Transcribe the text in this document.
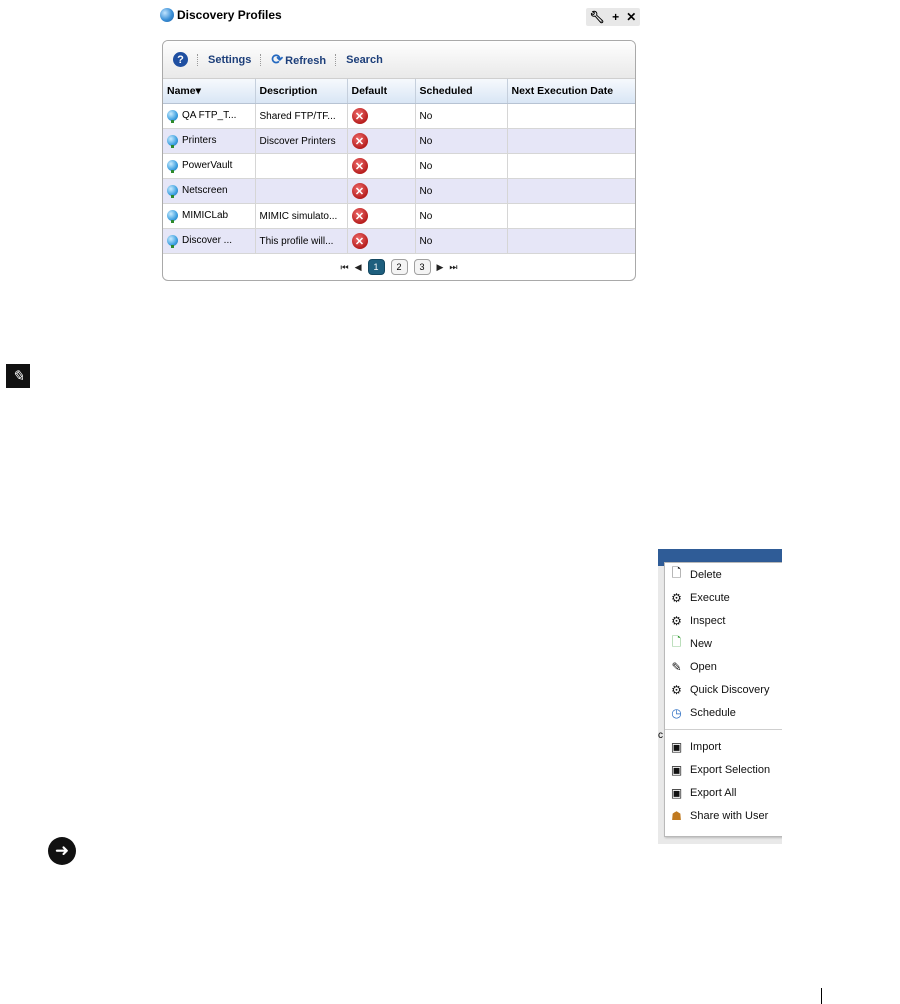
Discovery Profiles	🔧︎ + ✕
?	Settings ⟳ Refresh Search
Name▾	Description	Default	Scheduled	Next Execution Date
QA FTP_T...	Shared FTP/TF...	✕	No	
Printers	Discover Printers	✕	No	
PowerVault		✕	No	
Netscreen		✕	No	
MIMICLab	MIMIC simulato...	✕	No	
Discover ...	This profile will...	✕	No	
⏮ ◀	1	2	3	▶ ⏭
✎
c
🗋 Delete
⚙ Execute
⚙ Inspect
🗋 New
✎ Open
⚙ Quick Discovery
◷ Schedule
▣ Import
▣ Export Selection
▣ Export All
☗ Share with User
➜
